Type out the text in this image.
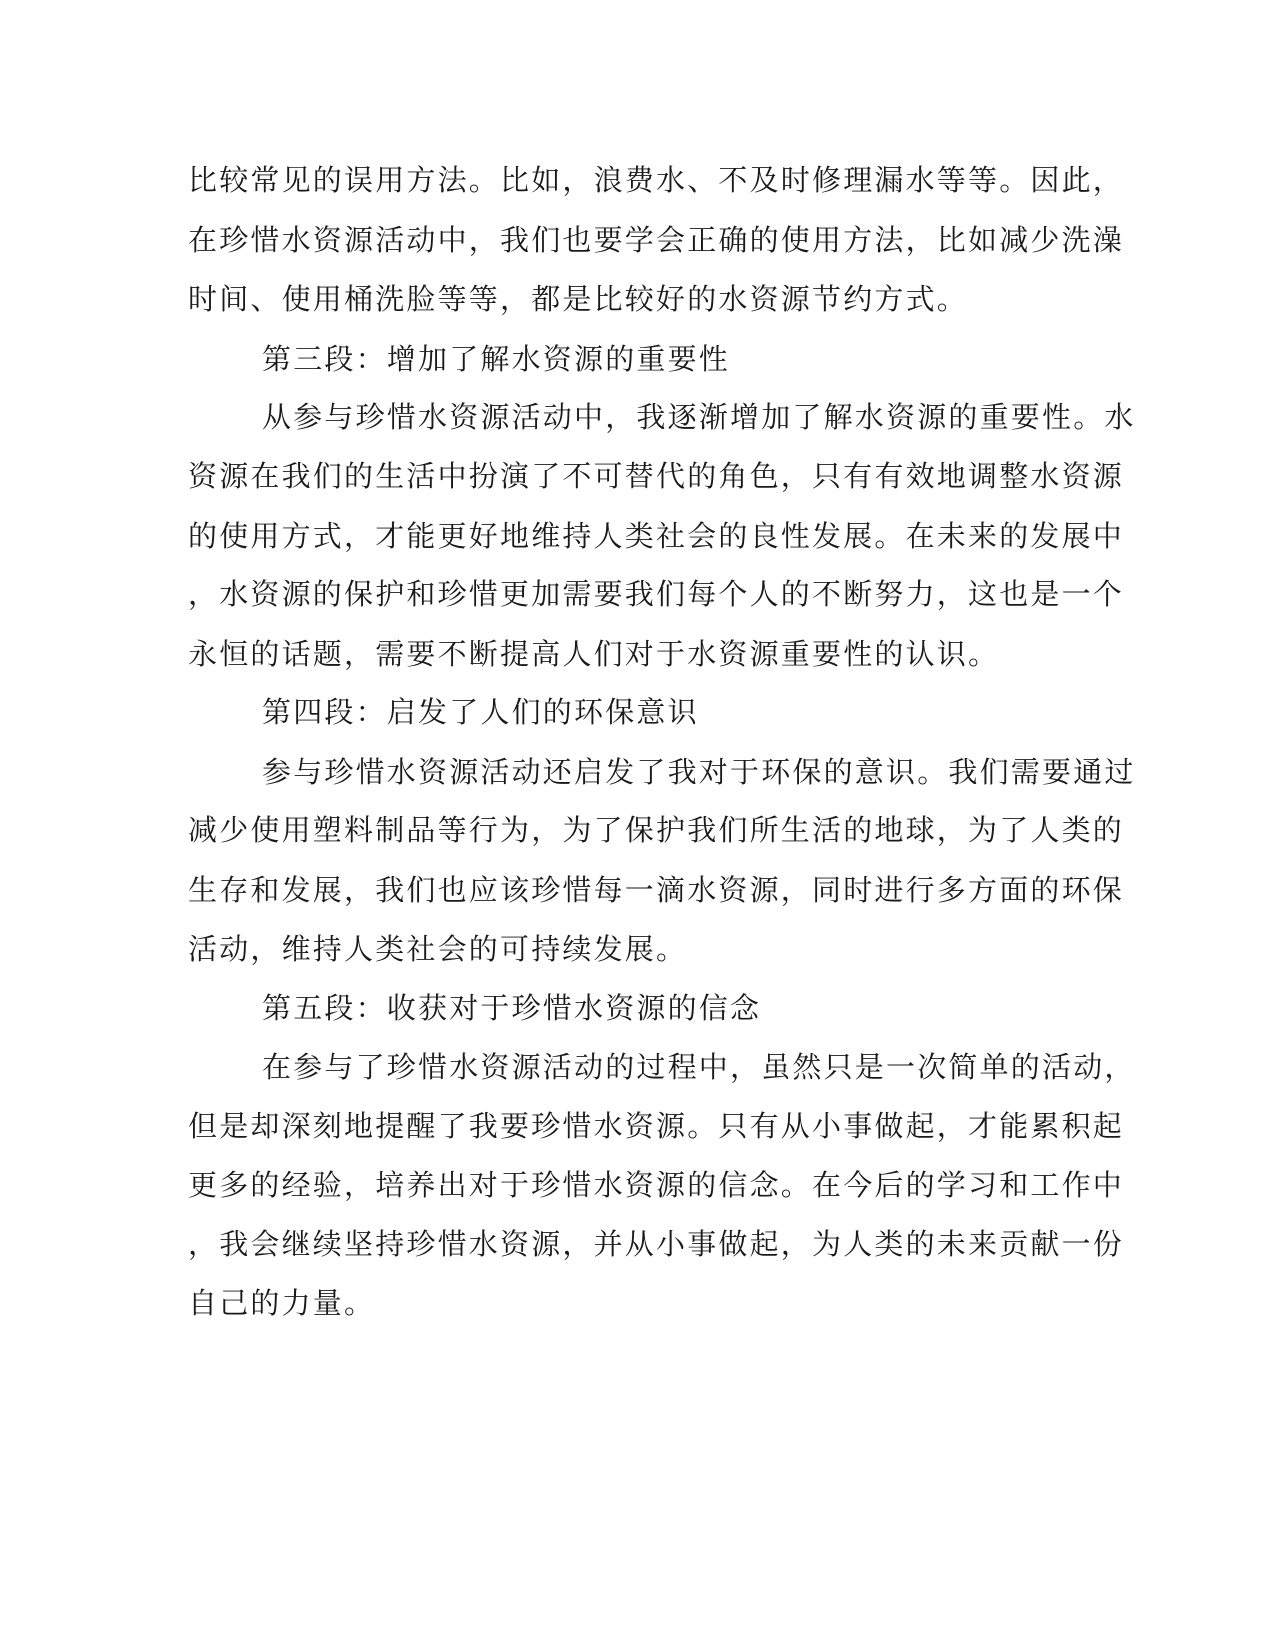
比较常见的误用方法。比如，浪费水、不及时修理漏水等等。因此，
在珍惜水资源活动中，我们也要学会正确的使用方法，比如减少洗澡
时间、使用桶洗脸等等，都是比较好的水资源节约方式。
第三段：增加了解水资源的重要性
从参与珍惜水资源活动中，我逐渐增加了解水资源的重要性。水
资源在我们的生活中扮演了不可替代的角色，只有有效地调整水资源
的使用方式，才能更好地维持人类社会的良性发展。在未来的发展中
，水资源的保护和珍惜更加需要我们每个人的不断努力，这也是一个
永恒的话题，需要不断提高人们对于水资源重要性的认识。
第四段：启发了人们的环保意识
参与珍惜水资源活动还启发了我对于环保的意识。我们需要通过
减少使用塑料制品等行为，为了保护我们所生活的地球，为了人类的
生存和发展，我们也应该珍惜每一滴水资源，同时进行多方面的环保
活动，维持人类社会的可持续发展。
第五段：收获对于珍惜水资源的信念
在参与了珍惜水资源活动的过程中，虽然只是一次简单的活动，
但是却深刻地提醒了我要珍惜水资源。只有从小事做起，才能累积起
更多的经验，培养出对于珍惜水资源的信念。在今后的学习和工作中
，我会继续坚持珍惜水资源，并从小事做起，为人类的未来贡献一份
自己的力量。
